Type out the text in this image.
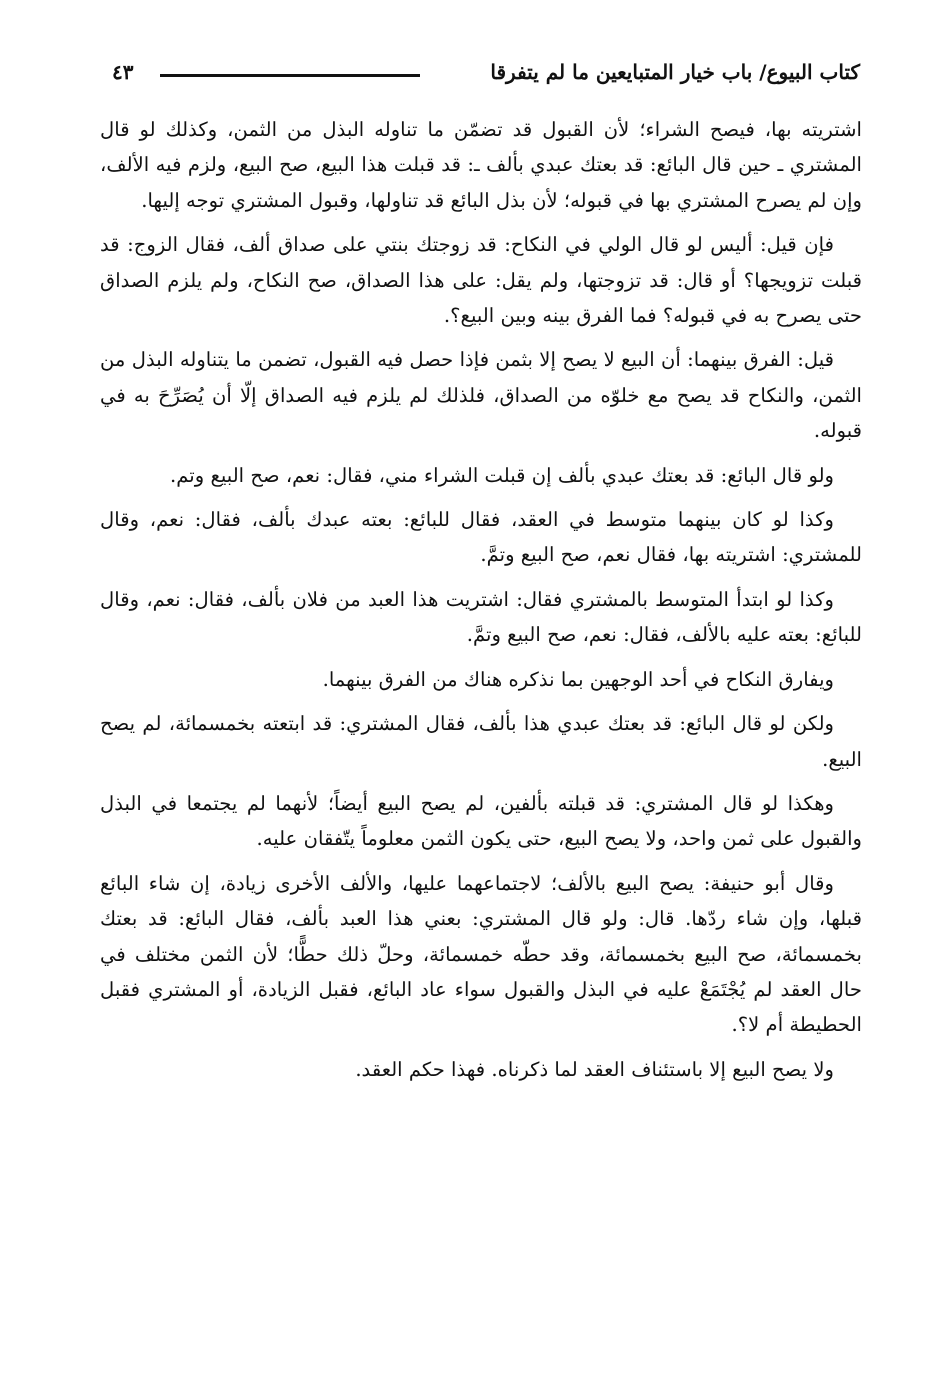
كتاب البيوع/ باب خيار المتبايعين ما لم يتفرقا
٤٣

اشتريته بها، فيصح الشراء؛ لأن القبول قد تضمّن ما تناوله البذل من الثمن، وكذلك لو قال المشتري ـ حين قال البائع: قد بعتك عبدي بألف ـ: قد قبلت هذا البيع، صح البيع، ولزم فيه الألف، وإن لم يصرح المشتري بها في قبوله؛ لأن بذل البائع قد تناولها، وقبول المشتري توجه إليها.

فإن قيل: أليس لو قال الولي في النكاح: قد زوجتك بنتي على صداق ألف، فقال الزوج: قد قبلت تزويجها؟ أو قال: قد تزوجتها، ولم يقل: على هذا الصداق، صح النكاح، ولم يلزم الصداق حتى يصرح به في قبوله؟ فما الفرق بينه وبين البيع؟.

قيل: الفرق بينهما: أن البيع لا يصح إلا بثمن فإذا حصل فيه القبول، تضمن ما يتناوله البذل من الثمن، والنكاح قد يصح مع خلوّه من الصداق، فلذلك لم يلزم فيه الصداق إلّا أن يُصَرِّحَ به في قبوله.

ولو قال البائع: قد بعتك عبدي بألف إن قبلت الشراء مني، فقال: نعم، صح البيع وتم.

وكذا لو كان بينهما متوسط في العقد، فقال للبائع: بعته عبدك بألف، فقال: نعم، وقال للمشتري: اشتريته بها، فقال نعم، صح البيع وتمَّ.

وكذا لو ابتدأ المتوسط بالمشتري فقال: اشتريت هذا العبد من فلان بألف، فقال: نعم، وقال للبائع: بعته عليه بالألف، فقال: نعم، صح البيع وتمَّ.

ويفارق النكاح في أحد الوجهين بما نذكره هناك من الفرق بينهما.

ولكن لو قال البائع: قد بعتك عبدي هذا بألف، فقال المشتري: قد ابتعته بخمسمائة، لم يصح البيع.

وهكذا لو قال المشتري: قد قبلته بألفين، لم يصح البيع أيضاً؛ لأنهما لم يجتمعا في البذل والقبول على ثمن واحد، ولا يصح البيع، حتى يكون الثمن معلوماً يتّفقان عليه.

وقال أبو حنيفة: يصح البيع بالألف؛ لاجتماعهما عليها، والألف الأخرى زيادة، إن شاء البائع قبلها، وإن شاء ردّها. قال: ولو قال المشتري: بعني هذا العبد بألف، فقال البائع: قد بعتك بخمسمائة، صح البيع بخمسمائة، وقد حطّه خمسمائة، وحلّ ذلك حطًّا؛ لأن الثمن مختلف في حال العقد لم يُجْتَمَعْ عليه في البذل والقبول سواء عاد البائع، فقبل الزيادة، أو المشتري فقبل الحطيطة أم لا؟.

ولا يصح البيع إلا باستئناف العقد لما ذكرناه. فهذا حكم العقد.
